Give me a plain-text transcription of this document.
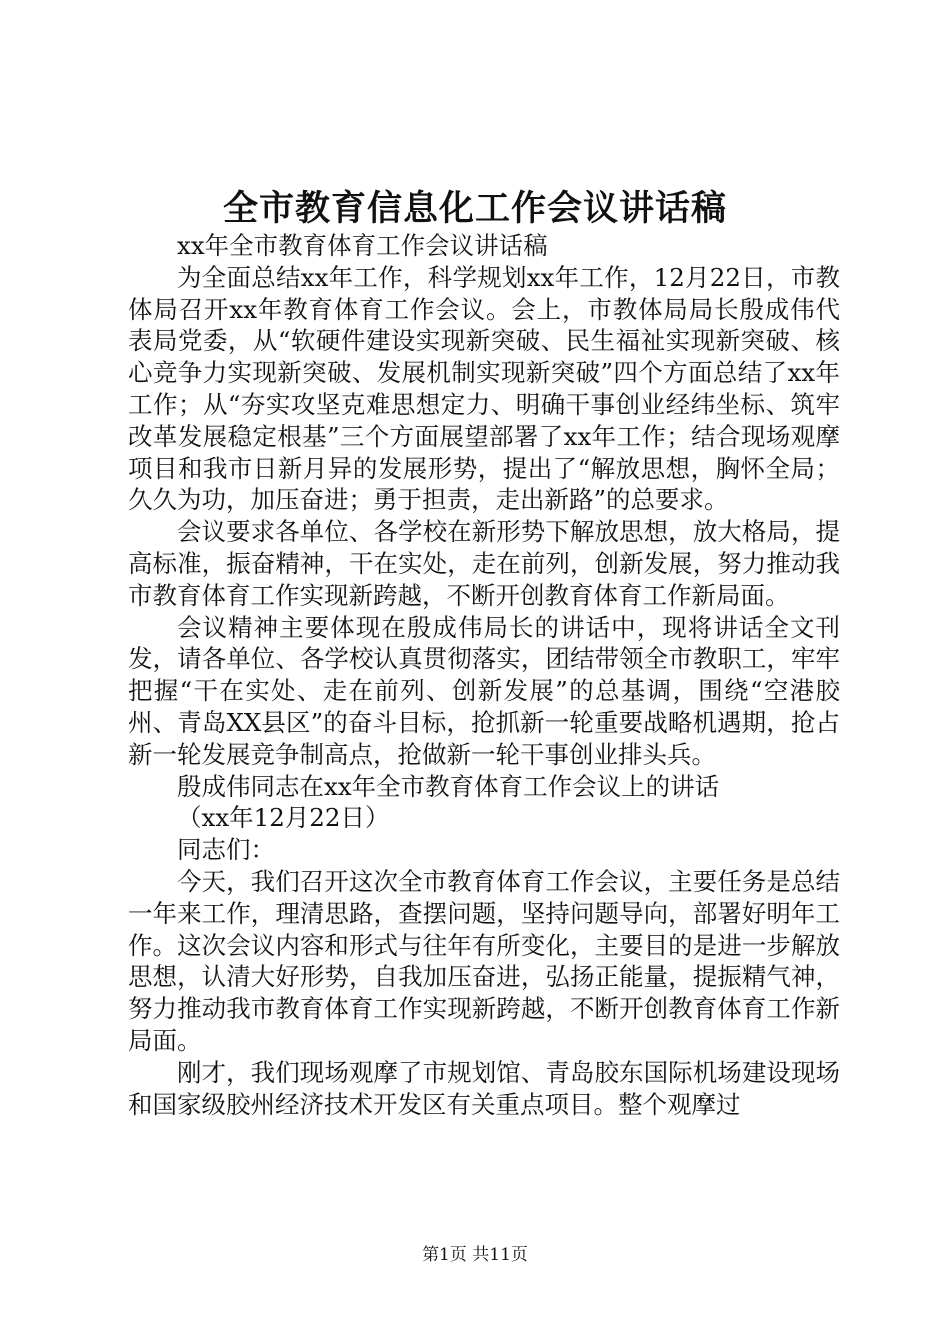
全市教育信息化工作会议讲话稿

xx年全市教育体育工作会议讲话稿

为全面总结xx年工作，科学规划xx年工作，12月22日，市教体局召开xx年教育体育工作会议。会上，市教体局局长殷成伟代表局党委，从“软硬件建设实现新突破、民生福祉实现新突破、核心竞争力实现新突破、发展机制实现新突破”四个方面总结了xx年工作；从“夯实攻坚克难思想定力、明确干事创业经纬坐标、筑牢改革发展稳定根基”三个方面展望部署了xx年工作；结合现场观摩项目和我市日新月异的发展形势，提出了“解放思想，胸怀全局；久久为功，加压奋进；勇于担责，走出新路”的总要求。

会议要求各单位、各学校在新形势下解放思想，放大格局，提高标准，振奋精神，干在实处，走在前列，创新发展，努力推动我市教育体育工作实现新跨越，不断开创教育体育工作新局面。

会议精神主要体现在殷成伟局长的讲话中，现将讲话全文刊发，请各单位、各学校认真贯彻落实，团结带领全市教职工，牢牢把握“干在实处、走在前列、创新发展”的总基调，围绕“空港胶州、青岛XX县区”的奋斗目标，抢抓新一轮重要战略机遇期，抢占新一轮发展竞争制高点，抢做新一轮干事创业排头兵。

殷成伟同志在xx年全市教育体育工作会议上的讲话

（xx年12月22日）

同志们：

今天，我们召开这次全市教育体育工作会议，主要任务是总结一年来工作，理清思路，查摆问题，坚持问题导向，部署好明年工作。这次会议内容和形式与往年有所变化，主要目的是进一步解放思想，认清大好形势，自我加压奋进，弘扬正能量，提振精气神，努力推动我市教育体育工作实现新跨越，不断开创教育体育工作新局面。

刚才，我们现场观摩了市规划馆、青岛胶东国际机场建设现场和国家级胶州经济技术开发区有关重点项目。整个观摩过

第1页 共11页
